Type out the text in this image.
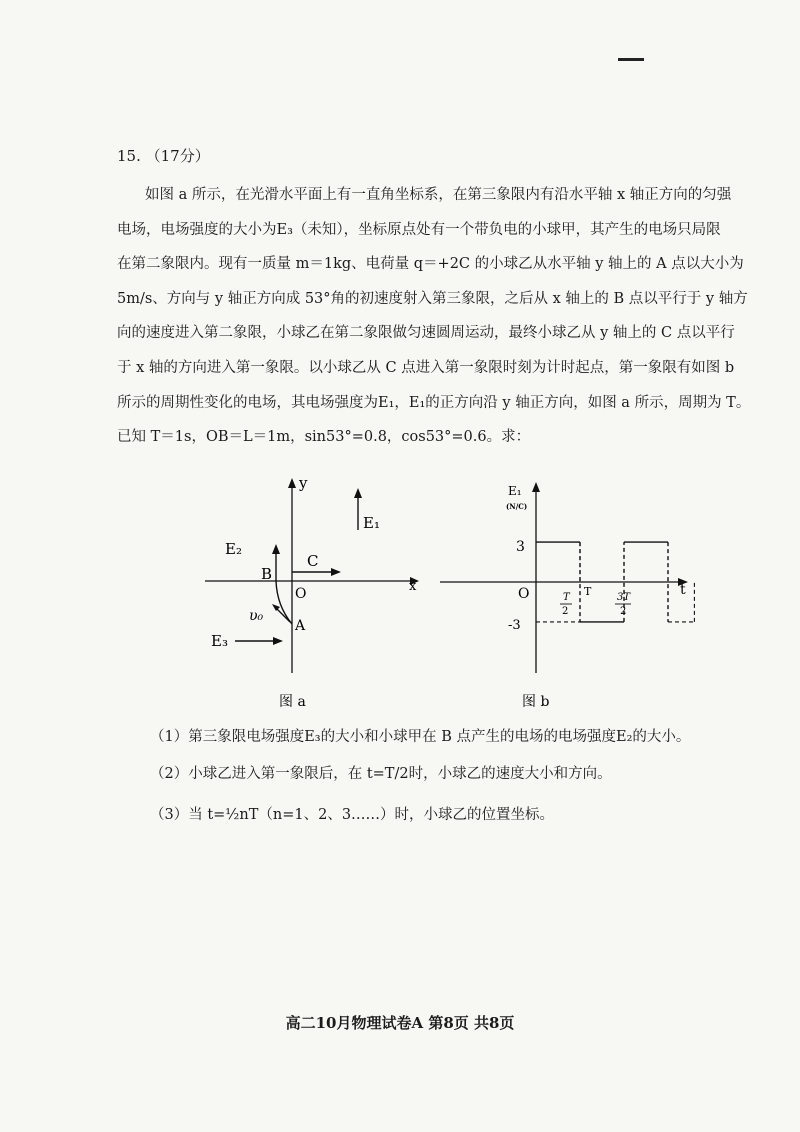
15. （17分）
如图 a 所示，在光滑水平面上有一直角坐标系，在第三象限内有沿水平轴 x 轴正方向的匀强
电场，电场强度的大小为E₃（未知），坐标原点处有一个带负电的小球甲，其产生的电场只局限
在第二象限内。现有一质量 m＝1kg、电荷量 q＝+2C 的小球乙从水平轴 y 轴上的 A 点以大小为
5m/s、方向与 y 轴正方向成 53°角的初速度射入第三象限，之后从 x 轴上的 B 点以平行于 y 轴方
向的速度进入第二象限，小球乙在第二象限做匀速圆周运动，最终小球乙从 y 轴上的 C 点以平行
于 x 轴的方向进入第一象限。以小球乙从 C 点进入第一象限时刻为计时起点，第一象限有如图 b
所示的周期性变化的电场，其电场强度为E₁，E₁的正方向沿 y 轴正方向，如图 a 所示，周期为 T。
已知 T＝1s，OB＝L＝1m，sin53°=0.8，cos53°=0.6。求：
y
x
O
E₁
E₂
C
B
υ₀
A
E₃
图 a
t
E₁
(N/C)
3
-3
O	T
T
2
3T
2
图 b
（1）第三象限电场强度E₃的大小和小球甲在 B 点产生的电场的电场强度E₂的大小。
（2）小球乙进入第一象限后，在 t=T/2时，小球乙的速度大小和方向。
（3）当 t=½nT（n=1、2、3……）时，小球乙的位置坐标。
高二10月物理试卷A 第8页 共8页
